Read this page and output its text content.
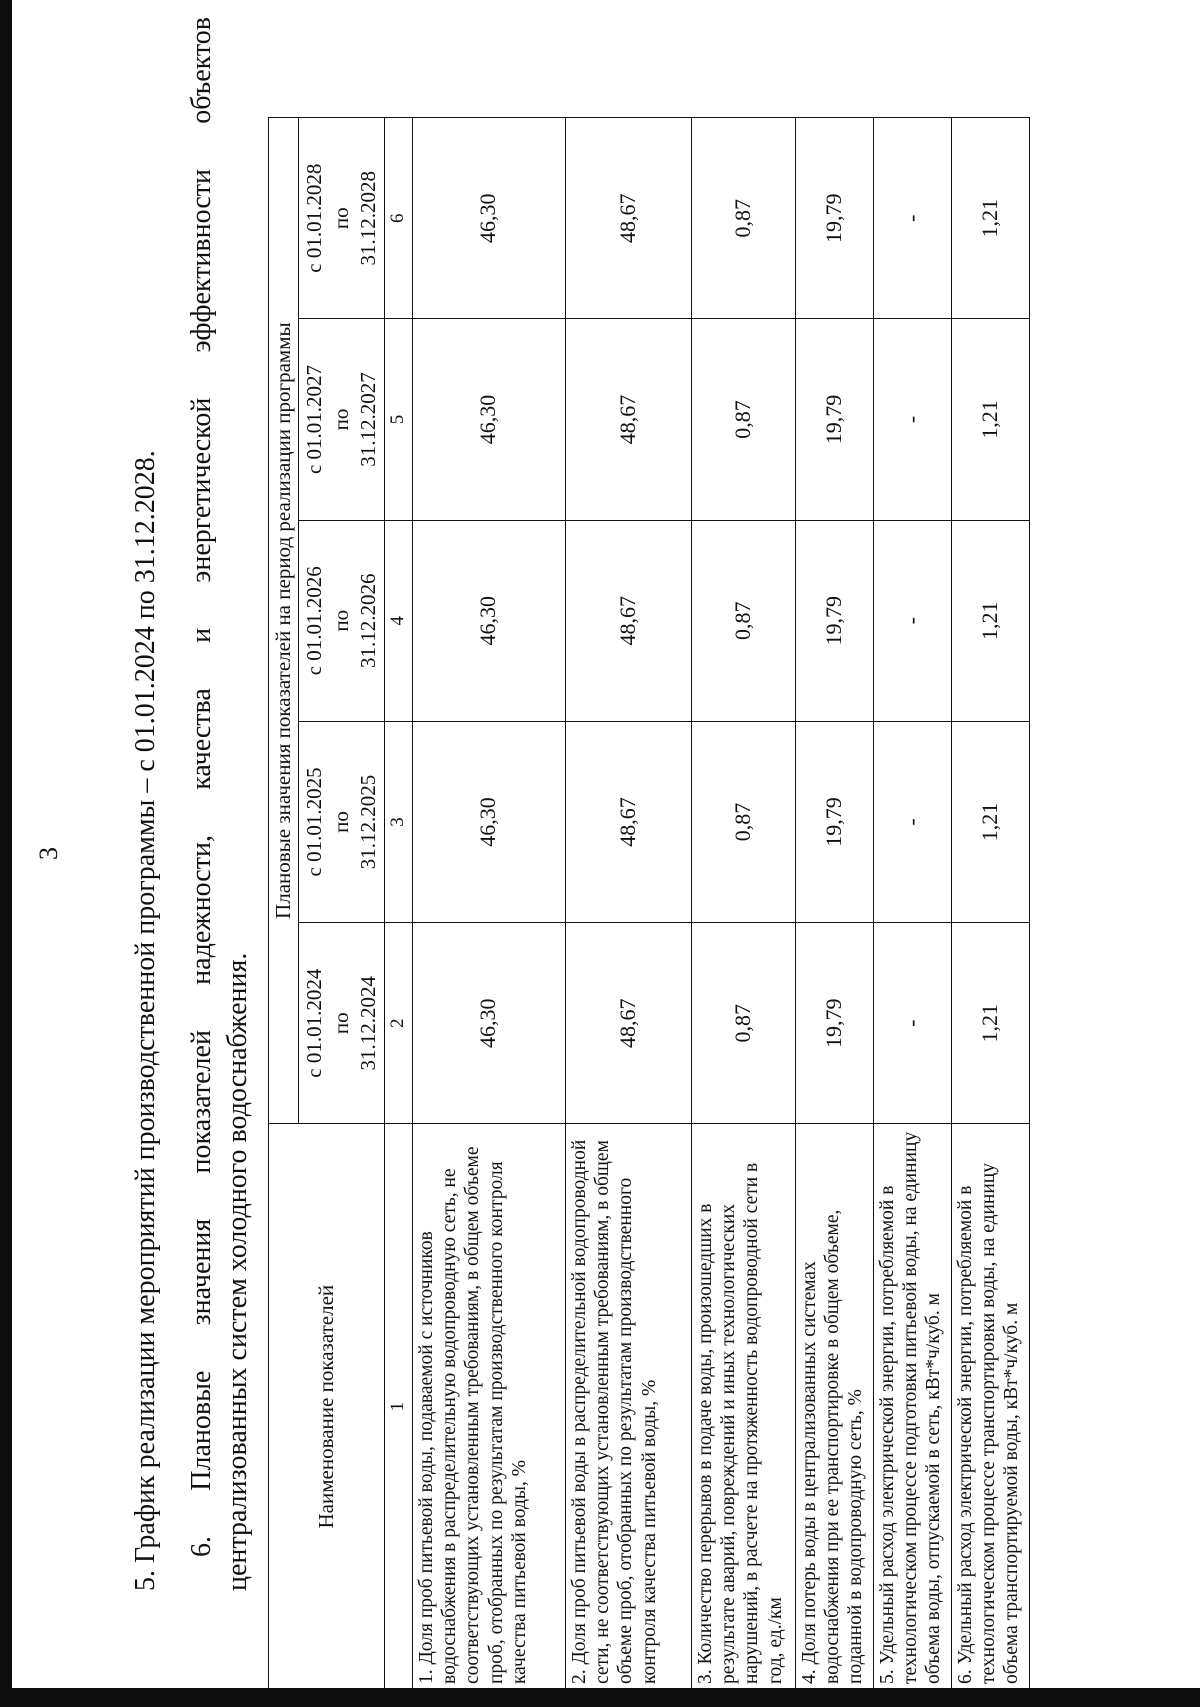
3 5. График реализации мероприятий производственной программы – с 01.01.2024 по 31.12.2028. 6. Плановые значения показателей надежности, качества и энергетической эффективности объектов централизованных систем холодного водоснабжения.	Наименование показателей	Плановые значения показателей на период реализации программы				
	с 01.01.2024 по 31.12.2024	с 01.01.2025 по 31.12.2025	с 01.01.2026 по 31.12.2026	с 01.01.2027 по 31.12.2027	с 01.01.2028 по 31.12.2028
1	2	3	4	5	6
1. Доля проб питьевой воды, подаваемой с источников водоснабжения в распределительную водопроводную сеть, не соответствующих установленным требованиям, в общем объеме проб, отобранных по результатам производственного контроля качества питьевой воды, %	46,30	46,30	46,30	46,30	46,30
2. Доля проб питьевой воды в распределительной водопроводной сети, не соответствующих установленным требованиям, в общем объеме проб, отобранных по результатам производственного контроля качества питьевой воды, %	48,67	48,67	48,67	48,67	48,67
3. Количество перерывов в подаче воды, произошедших в результате аварий, повреждений и иных технологических нарушений, в расчете на протяженность водопроводной сети в год, ед./км	0,87	0,87	0,87	0,87	0,87
4. Доля потерь воды в централизованных системах водоснабжения при ее транспортировке в общем объеме, поданной в водопроводную сеть, %	19,79	19,79	19,79	19,79	19,79
5. Удельный расход электрической энергии, потребляемой в технологическом процессе подготовки питьевой воды, на единицу объема воды, отпускаемой в сеть, кВт*ч/куб. м	-	-	-	-	-
6. Удельный расход электрической энергии, потребляемой в технологическом процессе транспортировки воды, на единицу объема транспортируемой воды, кВт*ч/куб. м	1,21	1,21	1,21	1,21	1,21
